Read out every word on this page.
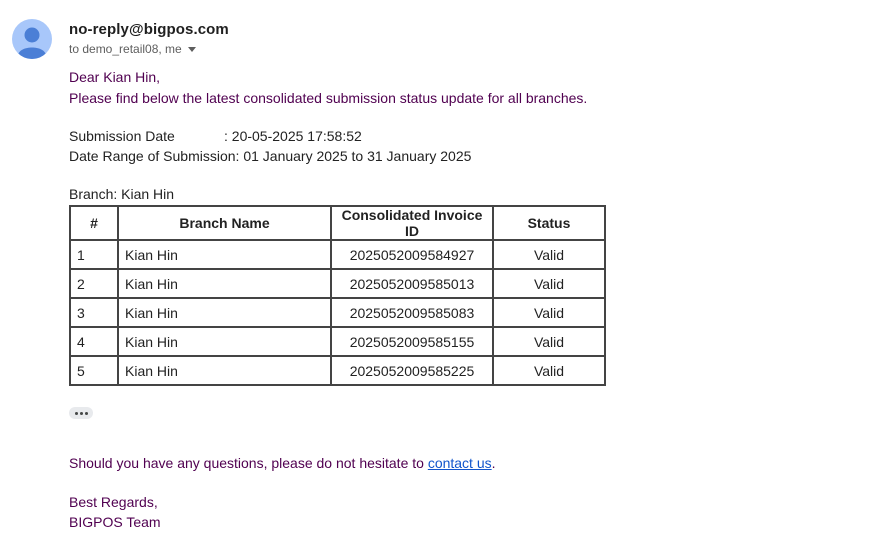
no-reply@bigpos.com
to demo_retail08, me
Dear Kian Hin,
Please find below the latest consolidated submission status update for all branches.
Submission Date	: 20-05-2025 17:58:52
Date Range of Submission: 01 January 2025 to 31 January 2025
Branch: Kian Hin
#	Branch Name	Consolidated Invoice ID	Status
1	Kian Hin	2025052009584927	Valid
2	Kian Hin	2025052009585013	Valid
3	Kian Hin	2025052009585083	Valid
4	Kian Hin	2025052009585155	Valid
5	Kian Hin	2025052009585225	Valid
Should you have any questions, please do not hesitate to contact us.
Best Regards,
BIGPOS Team
